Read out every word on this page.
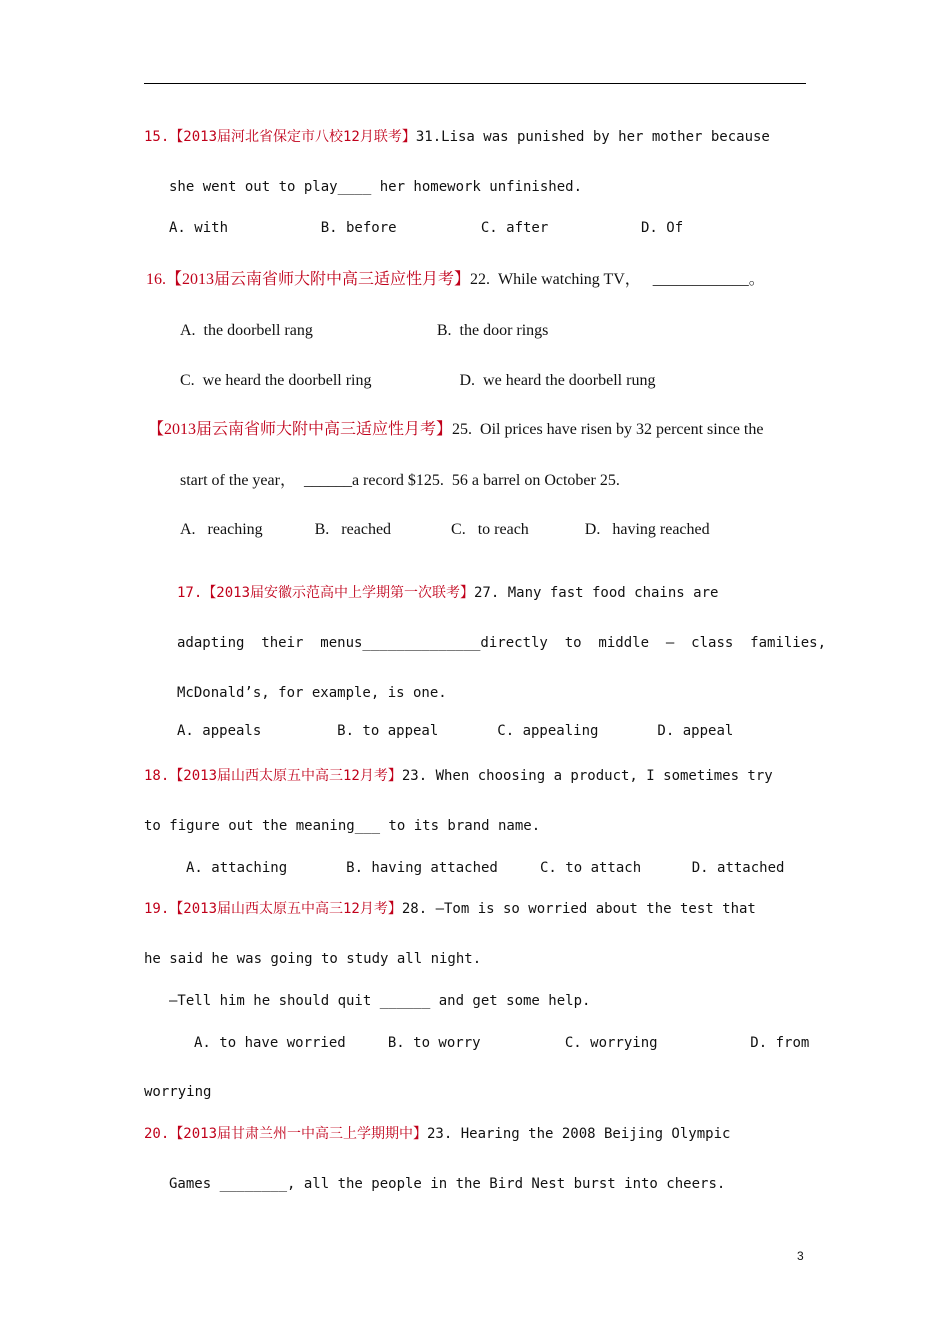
15.【2013届河北省保定市八校12月联考】31.Lisa was punished by her mother because
she went out to play____ her homework unfinished.
A. with           B. before          C. after           D. Of
16.【2013届云南省师大附中高三适应性月考】22.  While watching TV，   ____________。
A.  the doorbell rang                               B.  the door rings
C.  we heard the doorbell ring                      D.  we heard the doorbell rung
【2013届云南省师大附中高三适应性月考】25.  Oil prices have risen by 32 percent since the
start of the year，  ______a record $125.  56 a barrel on October 25.
A.   reaching             B.   reached               C.   to reach              D.   having reached
17.【2013届安徽示范高中上学期第一次联考】27. Many fast food chains are
adapting  their  menus______________directly  to  middle  –  class  families,
McDonald’s, for example, is one.
A. appeals         B. to appeal       C. appealing       D. appeal
18.【2013届山西太原五中高三12月考】23. When choosing a product, I sometimes try
to figure out the meaning___ to its brand name.
A. attaching       B. having attached     C. to attach      D. attached
19.【2013届山西太原五中高三12月考】28. —Tom is so worried about the test that
he said he was going to study all night.
—Tell him he should quit ______ and get some help.
A. to have worried     B. to worry          C. worrying           D. from
worrying
20.【2013届甘肃兰州一中高三上学期期中】23. Hearing the 2008 Beijing Olympic
Games ________, all the people in the Bird Nest burst into cheers.
3
